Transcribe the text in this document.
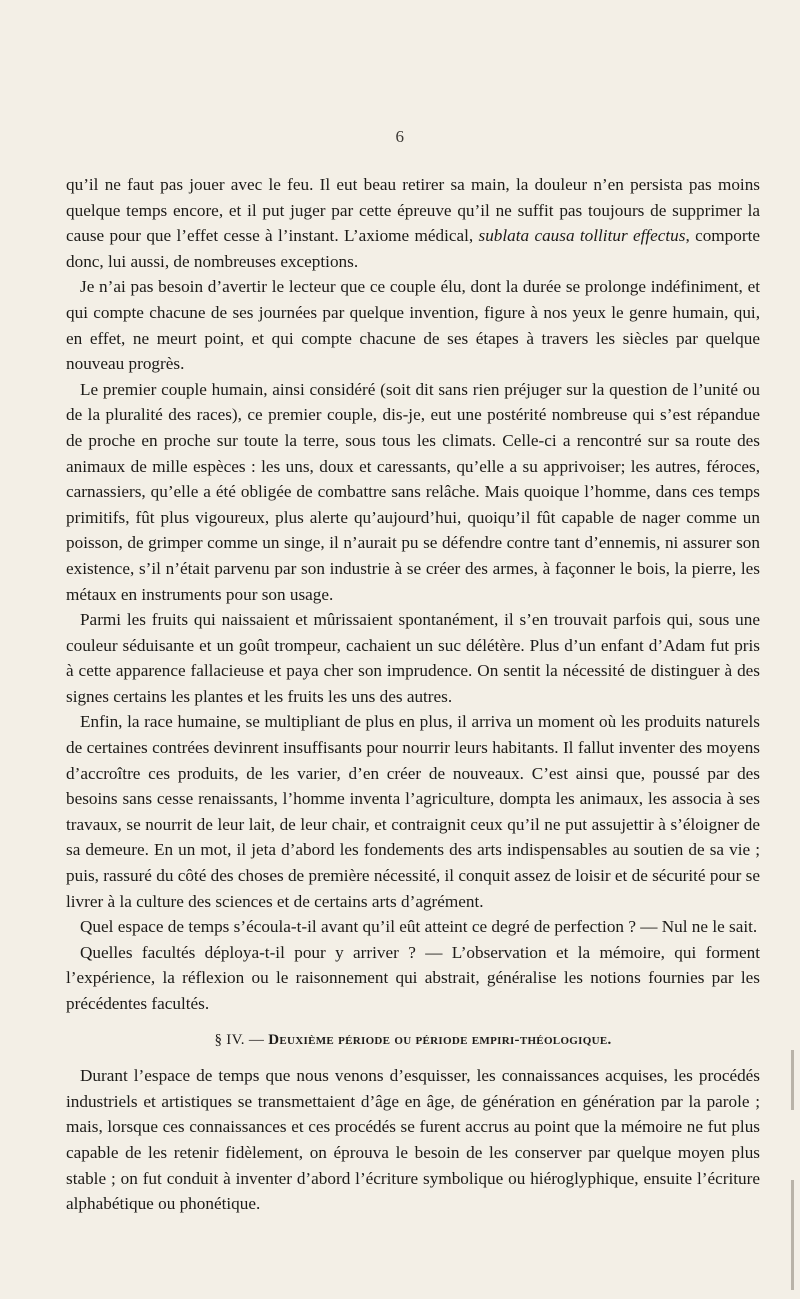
6

qu’il ne faut pas jouer avec le feu. Il eut beau retirer sa main, la douleur n’en persista pas moins quelque temps encore, et il put juger par cette épreuve qu’il ne suffit pas toujours de supprimer la cause pour que l’effet cesse à l’instant. L’axiome médical, sublata causa tollitur effectus, comporte donc, lui aussi, de nombreuses exceptions.

Je n’ai pas besoin d’avertir le lecteur que ce couple élu, dont la durée se prolonge indéfiniment, et qui compte chacune de ses journées par quelque invention, figure à nos yeux le genre humain, qui, en effet, ne meurt point, et qui compte chacune de ses étapes à travers les siècles par quelque nouveau progrès.

Le premier couple humain, ainsi considéré (soit dit sans rien préjuger sur la question de l’unité ou de la pluralité des races), ce premier couple, dis-je, eut une postérité nombreuse qui s’est répandue de proche en proche sur toute la terre, sous tous les climats. Celle-ci a rencontré sur sa route des animaux de mille espèces : les uns, doux et caressants, qu’elle a su apprivoiser; les autres, féroces, carnassiers, qu’elle a été obligée de combattre sans relâche. Mais quoique l’homme, dans ces temps primitifs, fût plus vigoureux, plus alerte qu’aujourd’hui, quoiqu’il fût capable de nager comme un poisson, de grimper comme un singe, il n’aurait pu se défendre contre tant d’ennemis, ni assurer son existence, s’il n’était parvenu par son industrie à se créer des armes, à façonner le bois, la pierre, les métaux en instruments pour son usage.

Parmi les fruits qui naissaient et mûrissaient spontanément, il s’en trouvait parfois qui, sous une couleur séduisante et un goût trompeur, cachaient un suc délétère. Plus d’un enfant d’Adam fut pris à cette apparence fallacieuse et paya cher son imprudence. On sentit la nécessité de distinguer à des signes certains les plantes et les fruits les uns des autres.

Enfin, la race humaine, se multipliant de plus en plus, il arriva un moment où les produits naturels de certaines contrées devinrent insuffisants pour nourrir leurs habitants. Il fallut inventer des moyens d’accroître ces produits, de les varier, d’en créer de nouveaux. C’est ainsi que, poussé par des besoins sans cesse renaissants, l’homme inventa l’agriculture, dompta les animaux, les associa à ses travaux, se nourrit de leur lait, de leur chair, et contraignit ceux qu’il ne put assujettir à s’éloigner de sa demeure. En un mot, il jeta d’abord les fondements des arts indispensables au soutien de sa vie ; puis, rassuré du côté des choses de première nécessité, il conquit assez de loisir et de sécurité pour se livrer à la culture des sciences et de certains arts d’agrément.

Quel espace de temps s’écoula-t-il avant qu’il eût atteint ce degré de perfection ? — Nul ne le sait.

Quelles facultés déploya-t-il pour y arriver ? — L’observation et la mémoire, qui forment l’expérience, la réflexion ou le raisonnement qui abstrait, généralise les notions fournies par les précédentes facultés.

§ IV. — Deuxième période ou période empiri-théologique.

Durant l’espace de temps que nous venons d’esquisser, les connaissances acquises, les procédés industriels et artistiques se transmettaient d’âge en âge, de génération en génération par la parole ; mais, lorsque ces connaissances et ces procédés se furent accrus au point que la mémoire ne fut plus capable de les retenir fidèlement, on éprouva le besoin de les conserver par quelque moyen plus stable ; on fut conduit à inventer d’abord l’écriture symbolique ou hiéroglyphique, ensuite l’écriture alphabétique ou phonétique.
